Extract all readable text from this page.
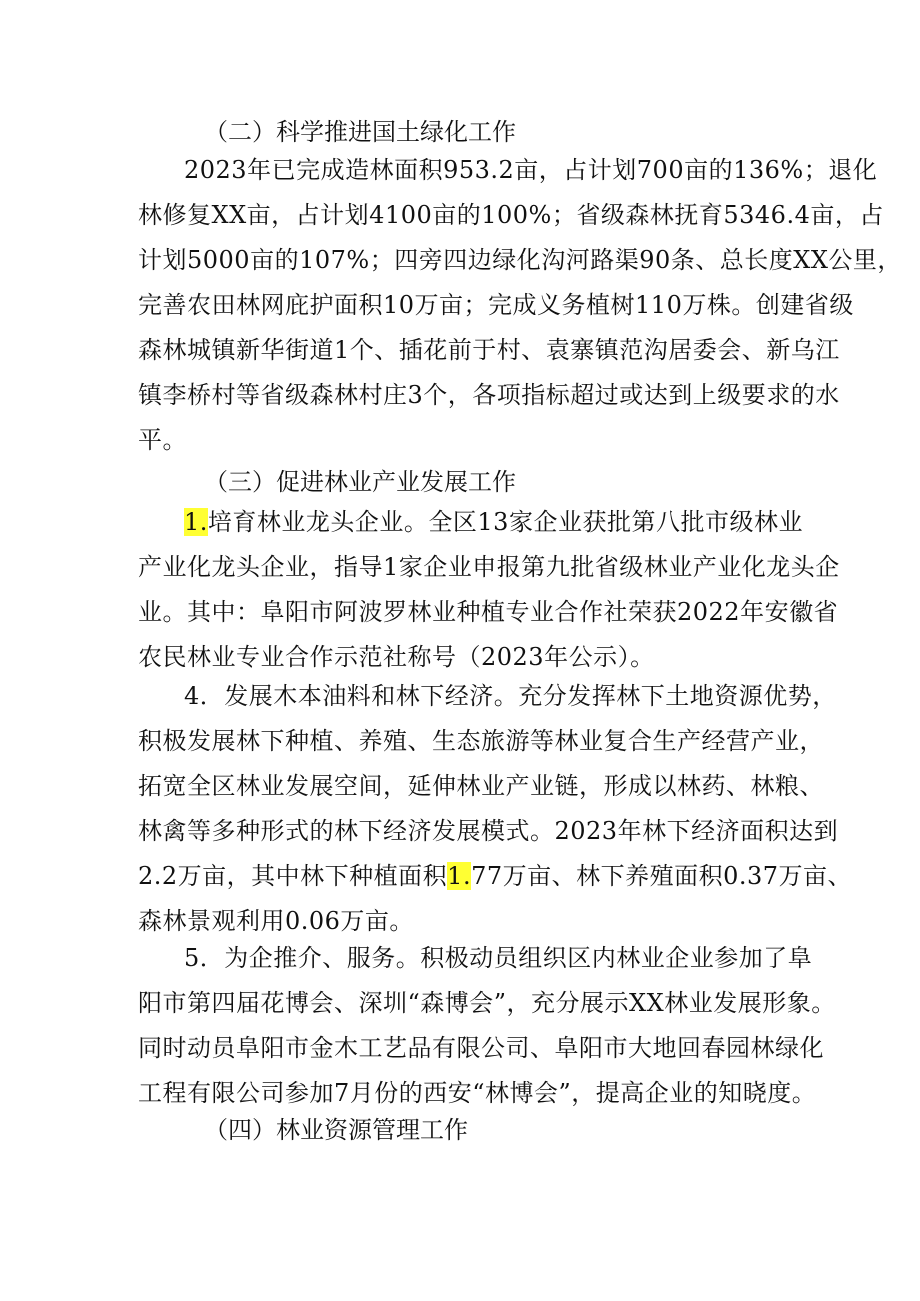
（二）科学推进国土绿化工作

2023年已完成造林面积953.2亩，占计划700亩的136%；退化

林修复XX亩，占计划4100亩的100%；省级森林抚育5346.4亩，占

计划5000亩的107%；四旁四边绿化沟河路渠90条、总长度XX公里，

完善农田林网庇护面积10万亩；完成义务植树110万株。创建省级

森林城镇新华街道1个、插花前于村、袁寨镇范沟居委会、新乌江

镇李桥村等省级森林村庄3个，各项指标超过或达到上级要求的水

平。

（三）促进林业产业发展工作

1.培育林业龙头企业。全区13家企业获批第八批市级林业

产业化龙头企业，指导1家企业申报第九批省级林业产业化龙头企

业。其中：阜阳市阿波罗林业种植专业合作社荣获2022年安徽省

农民林业专业合作示范社称号（2023年公示）。

4．发展木本油料和林下经济。充分发挥林下土地资源优势，

积极发展林下种植、养殖、生态旅游等林业复合生产经营产业，

拓宽全区林业发展空间，延伸林业产业链，形成以林药、林粮、

林禽等多种形式的林下经济发展模式。2023年林下经济面积达到

2.2万亩，其中林下种植面积1.77万亩、林下养殖面积0.37万亩、

森林景观利用0.06万亩。

5．为企推介、服务。积极动员组织区内林业企业参加了阜

阳市第四届花博会、深圳“森博会”，充分展示XX林业发展形象。

同时动员阜阳市金木工艺品有限公司、阜阳市大地回春园林绿化

工程有限公司参加7月份的西安“林博会”，提高企业的知晓度。

（四）林业资源管理工作
